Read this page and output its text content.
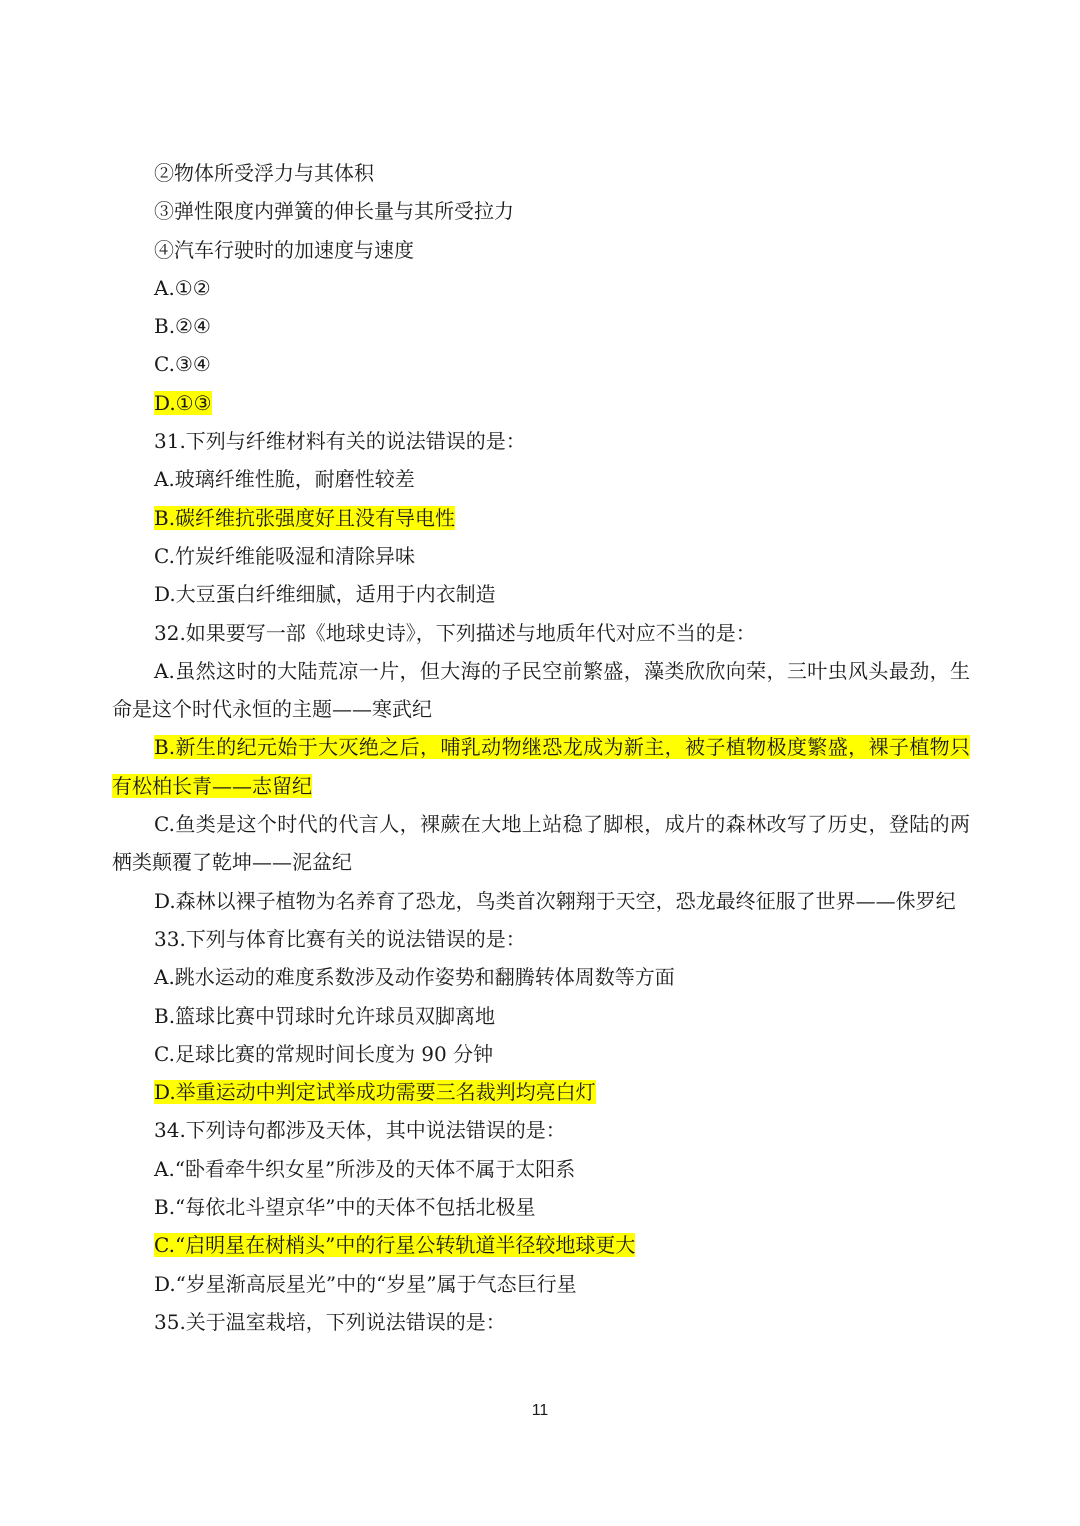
②物体所受浮力与其体积
③弹性限度内弹簧的伸长量与其所受拉力
④汽车行驶时的加速度与速度
A.①②
B.②④
C.③④
D.①③
31.下列与纤维材料有关的说法错误的是：
A.玻璃纤维性脆，耐磨性较差
B.碳纤维抗张强度好且没有导电性
C.竹炭纤维能吸湿和清除异味
D.大豆蛋白纤维细腻，适用于内衣制造
32.如果要写一部《地球史诗》，下列描述与地质年代对应不当的是：
A.虽然这时的大陆荒凉一片，但大海的子民空前繁盛，藻类欣欣向荣，三叶虫风头最劲，生命是这个时代永恒的主题——寒武纪
B.新生的纪元始于大灭绝之后，哺乳动物继恐龙成为新主，被子植物极度繁盛，裸子植物只有松柏长青——志留纪
C.鱼类是这个时代的代言人，裸蕨在大地上站稳了脚根，成片的森林改写了历史，登陆的两栖类颠覆了乾坤——泥盆纪
D.森林以裸子植物为名养育了恐龙，鸟类首次翱翔于天空，恐龙最终征服了世界——侏罗纪
33.下列与体育比赛有关的说法错误的是：
A.跳水运动的难度系数涉及动作姿势和翻腾转体周数等方面
B.篮球比赛中罚球时允许球员双脚离地
C.足球比赛的常规时间长度为 90 分钟
D.举重运动中判定试举成功需要三名裁判均亮白灯
34.下列诗句都涉及天体，其中说法错误的是：
A.“卧看牵牛织女星”所涉及的天体不属于太阳系
B.“每依北斗望京华”中的天体不包括北极星
C.“启明星在树梢头”中的行星公转轨道半径较地球更大
D.“岁星渐高辰星光”中的“岁星”属于气态巨行星
35.关于温室栽培，下列说法错误的是：
11
